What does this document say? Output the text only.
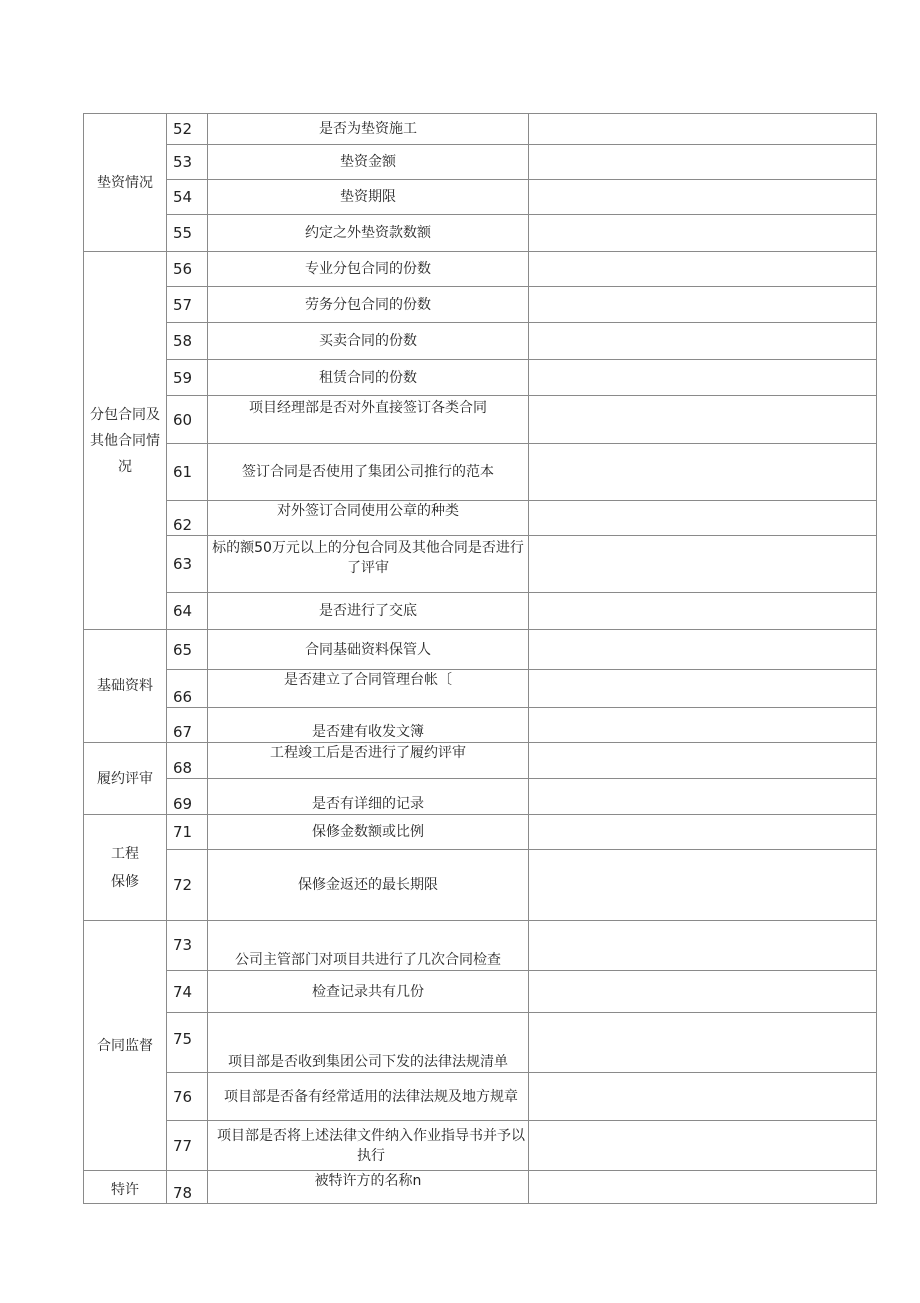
垫资情况	52	是否为垫资施工	
	53	垫资金额	
	54	垫资期限	
	55	约定之外垫资款数额	
分包合同及其他合同情况	56	专业分包合同的份数	
	57	劳务分包合同的份数	
	58	买卖合同的份数	
	59	租赁合同的份数	
	60	项目经理部是否对外直接签订各类合同	
	61	签订合同是否使用了集团公司推行的范本	
	62	对外签订合同使用公章的种类	
	63	标的额50万元以上的分包合同及其他合同是否进行了评审	
	64	是否进行了交底	
基础资料	65	合同基础资料保管人	
	66	是否建立了合同管理台帐〔	
	67	是否建有收发文簿	
履约评审	68	工程竣工后是否进行了履约评审	
	69	是否有详细的记录	
工程保修	71	保修金数额或比例	
	72	保修金返还的最长期限	
合同监督	73	公司主管部门对项目共进行了几次合同检查	
	74	检查记录共有几份	
	75	项目部是否收到集团公司下发的法律法规清单	
	76	项目部是否备有经常适用的法律法规及地方规章	
	77	项目部是否将上述法律文件纳入作业指导书并予以执行	
特许	78	被特许方的名称n	
